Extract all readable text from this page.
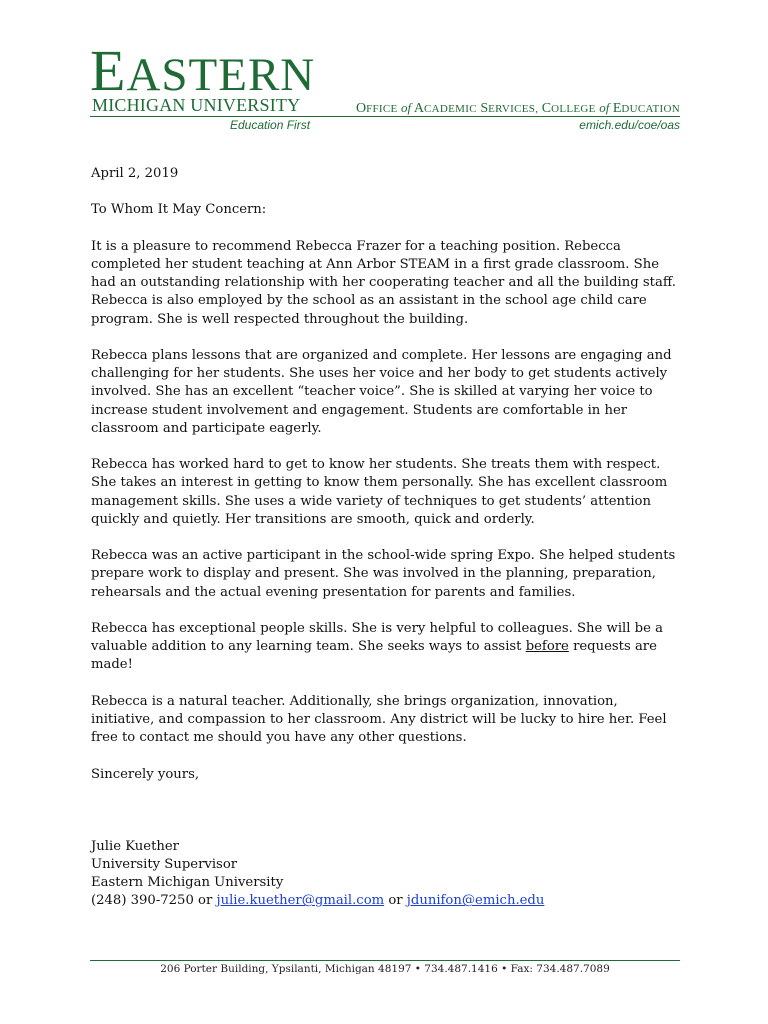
EASTERN
MICHIGAN UNIVERSITY	OFFICE of ACADEMIC SERVICES, COLLEGE of EDUCATION
Education First	emich.edu/coe/oas

April 2, 2019

To Whom It May Concern:

It is a pleasure to recommend Rebecca Frazer for a teaching position. Rebecca completed her student teaching at Ann Arbor STEAM in a first grade classroom. She had an outstanding relationship with her cooperating teacher and all the building staff. Rebecca is also employed by the school as an assistant in the school age child care program. She is well respected throughout the building.

Rebecca plans lessons that are organized and complete. Her lessons are engaging and challenging for her students. She uses her voice and her body to get students actively involved. She has an excellent “teacher voice”. She is skilled at varying her voice to increase student involvement and engagement. Students are comfortable in her classroom and participate eagerly.

Rebecca has worked hard to get to know her students. She treats them with respect. She takes an interest in getting to know them personally. She has excellent classroom management skills. She uses a wide variety of techniques to get students’ attention quickly and quietly. Her transitions are smooth, quick and orderly.

Rebecca was an active participant in the school-wide spring Expo. She helped students prepare work to display and present. She was involved in the planning, preparation, rehearsals and the actual evening presentation for parents and families.

Rebecca has exceptional people skills. She is very helpful to colleagues. She will be a valuable addition to any learning team. She seeks ways to assist before requests are made!

Rebecca is a natural teacher. Additionally, she brings organization, innovation, initiative, and compassion to her classroom. Any district will be lucky to hire her. Feel free to contact me should you have any other questions.

Sincerely yours,

Julie Kuether

University Supervisor

Eastern Michigan University

(248) 390-7250 or julie.kuether@gmail.com or jdunifon@emich.edu

206 Porter Building, Ypsilanti, Michigan 48197 • 734.487.1416 • Fax: 734.487.7089
